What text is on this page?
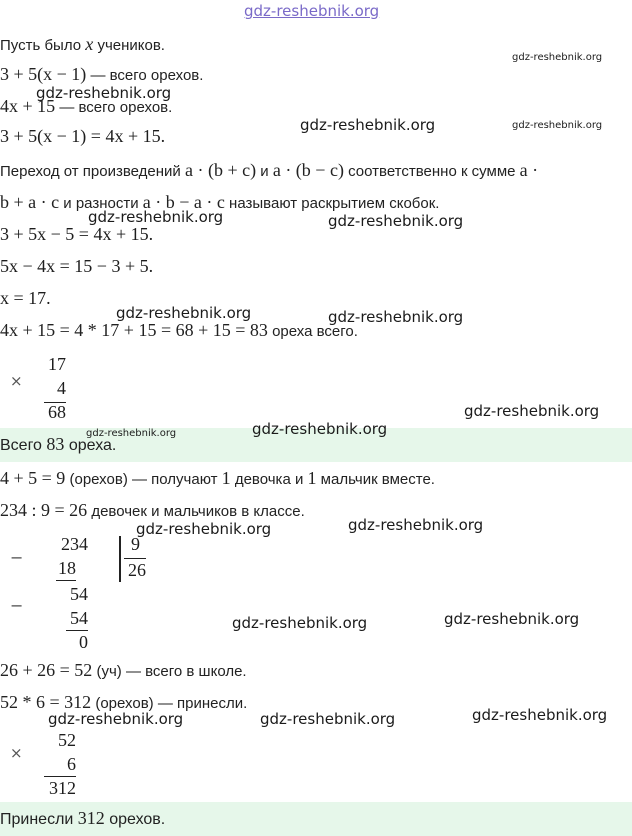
gdz-reshebnik.org
Пусть было x учеников.
gdz-reshebnik.org
3 + 5(x − 1) — всего орехов.
gdz-reshebnik.org
4x + 15 — всего орехов.
3 + 5(x − 1) = 4x + 15.
gdz-reshebnik.org	gdz-reshebnik.org
Переход от произведений a · (b + c) и a · (b − c) соответственно к сумме a ·
b + a · c и разности a · b − a · c называют раскрытием скобок.
gdz-reshebnik.org	gdz-reshebnik.org
3 + 5x − 5 = 4x + 15.
5x − 4x = 15 − 3 + 5.
x = 17.
gdz-reshebnik.org	gdz-reshebnik.org
4x + 15 = 4 * 17 + 15 = 68 + 15 = 83 ореха всего.
×
17
4
68	gdz-reshebnik.org
Всего 83 ореха.
gdz-reshebnik.org	gdz-reshebnik.org
4 + 5 = 9 (орехов) — получают 1 девочка и 1 мальчик вместе.
234 : 9 = 26 девочек и мальчиков в классе.
gdz-reshebnik.org	gdz-reshebnik.org
−
234
18
−
54
54
0
9
26
gdz-reshebnik.org	gdz-reshebnik.org
26 + 26 = 52 (уч) — всего в школе.
52 * 6 = 312 (орехов) — принесли.
gdz-reshebnik.org	gdz-reshebnik.org	gdz-reshebnik.org
×
52
6
312
Принесли 312 орехов.
